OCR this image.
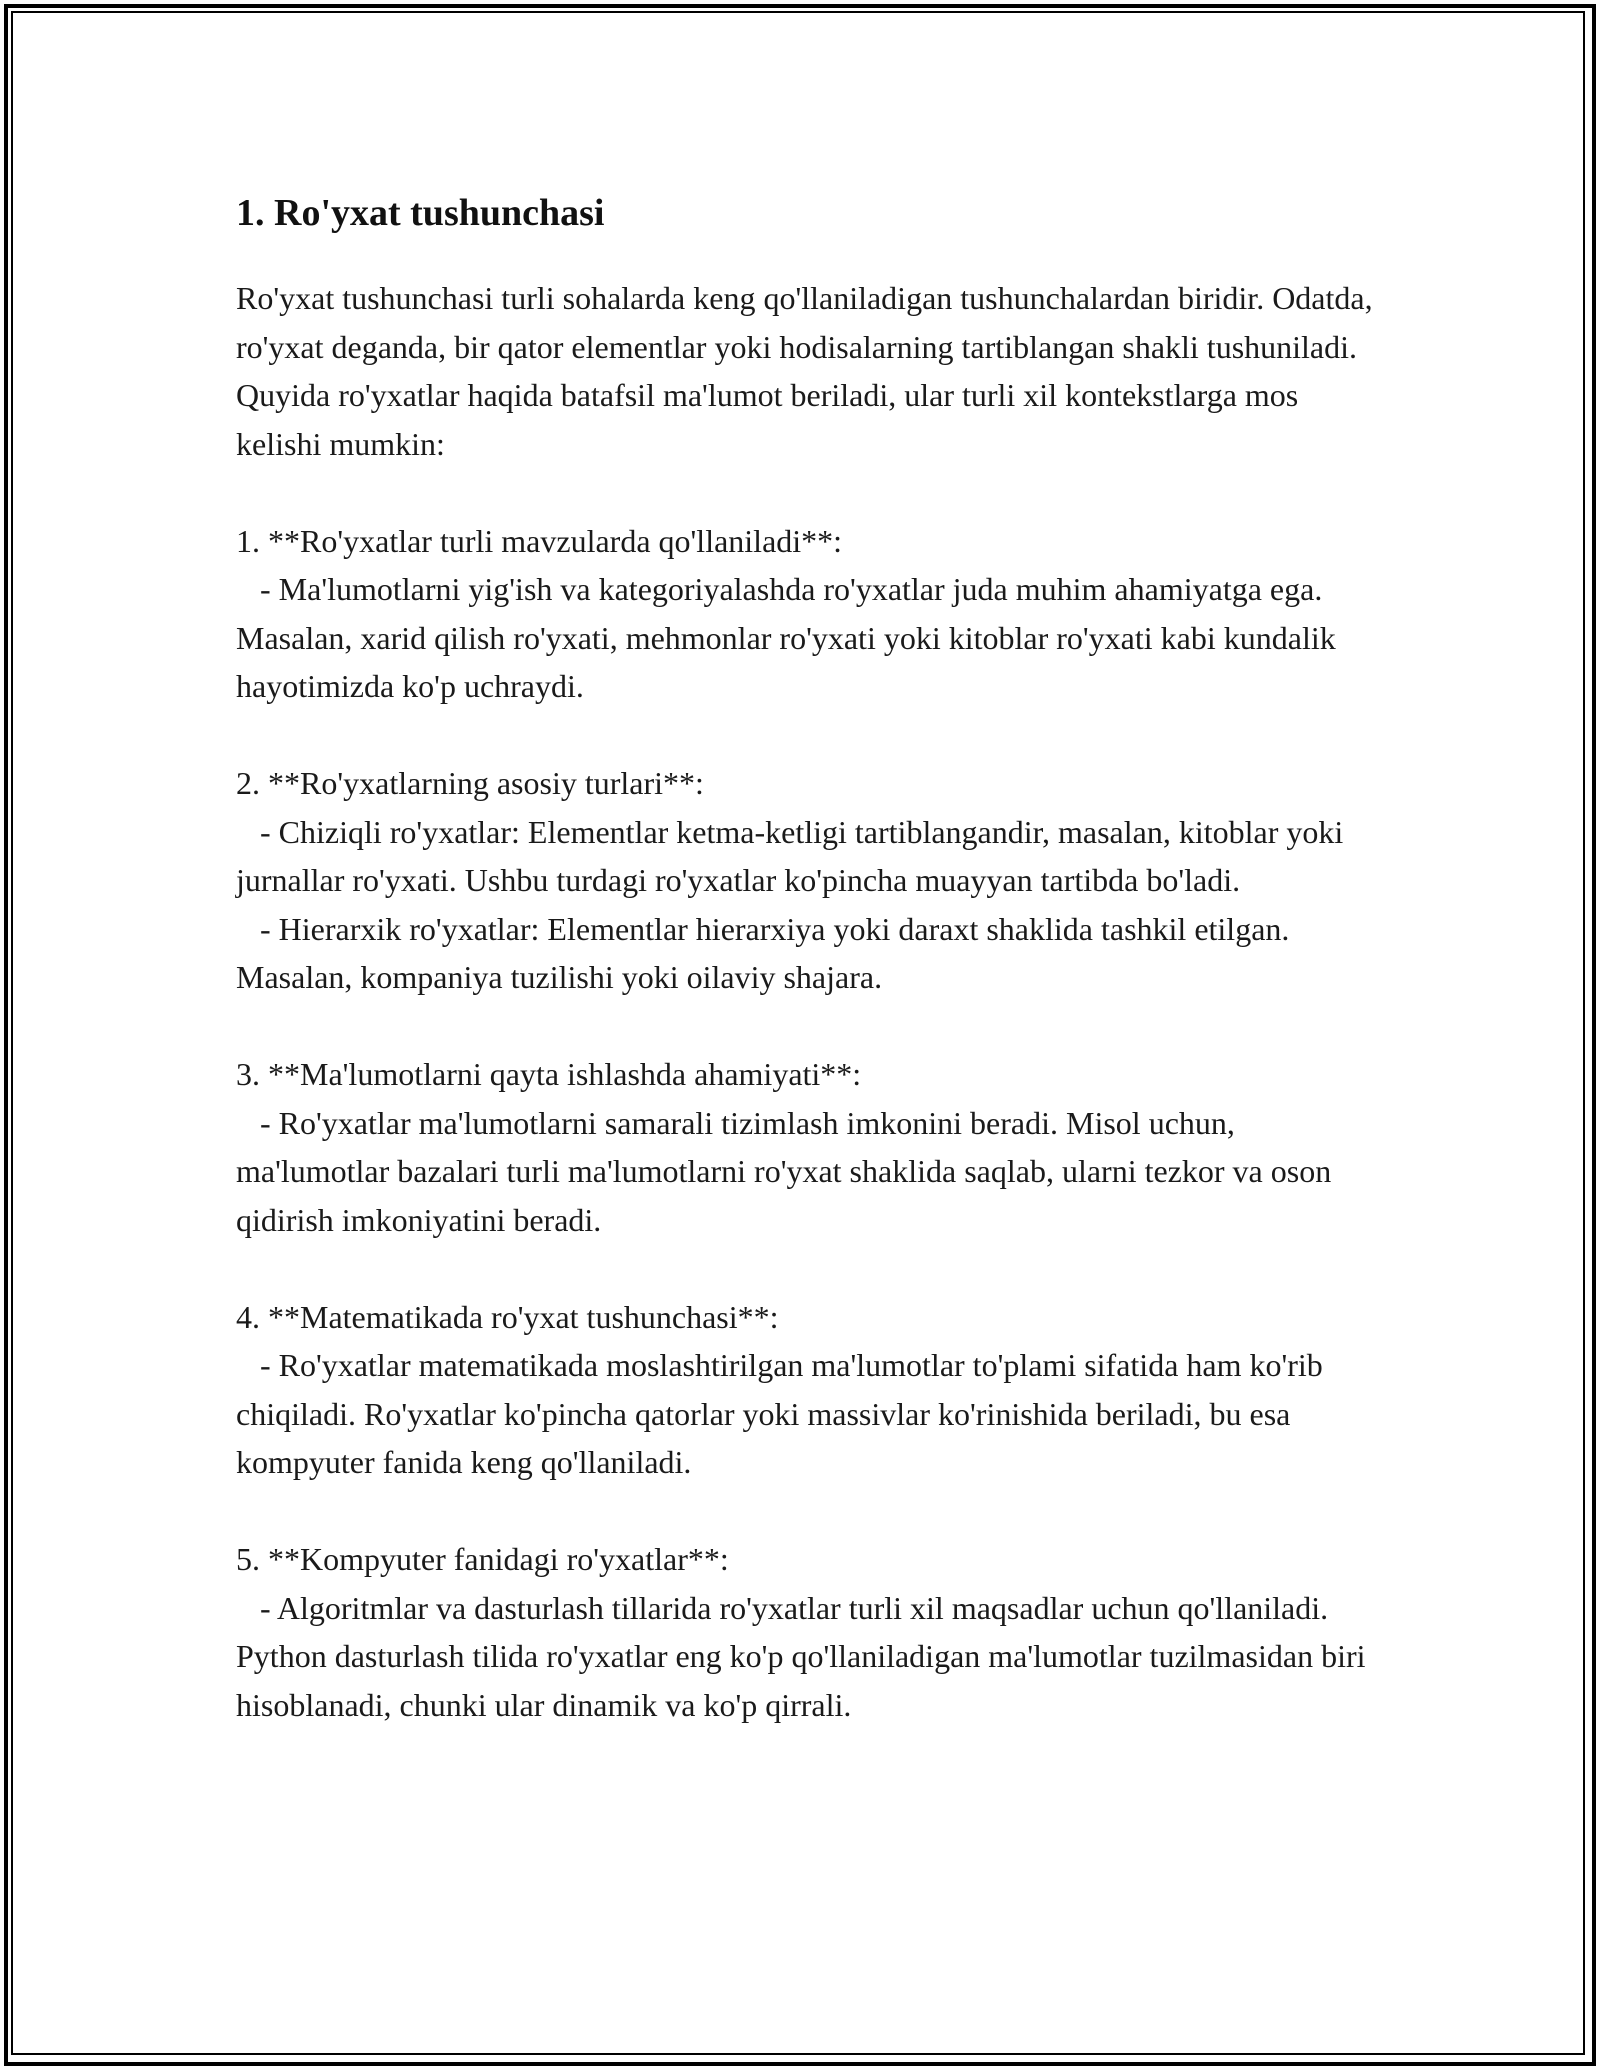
1. Ro'yxat tushunchasi

Ro'yxat tushunchasi turli sohalarda keng qo'llaniladigan tushunchalardan biridir. Odatda, ro'yxat deganda, bir qator elementlar yoki hodisalarning tartiblangan shakli tushuniladi. Quyida ro'yxatlar haqida batafsil ma'lumot beriladi, ular turli xil kontekstlarga mos kelishi mumkin:

1. **Ro'yxatlar turli mavzularda qo'llaniladi**:

- Ma'lumotlarni yig'ish va kategoriyalashda ro'yxatlar juda muhim ahamiyatga ega. Masalan, xarid qilish ro'yxati, mehmonlar ro'yxati yoki kitoblar ro'yxati kabi kundalik hayotimizda ko'p uchraydi.

2. **Ro'yxatlarning asosiy turlari**:

- Chiziqli ro'yxatlar: Elementlar ketma-ketligi tartiblangandir, masalan, kitoblar yoki jurnallar ro'yxati. Ushbu turdagi ro'yxatlar ko'pincha muayyan tartibda bo'ladi.

- Hierarxik ro'yxatlar: Elementlar hierarxiya yoki daraxt shaklida tashkil etilgan. Masalan, kompaniya tuzilishi yoki oilaviy shajara.

3. **Ma'lumotlarni qayta ishlashda ahamiyati**:

- Ro'yxatlar ma'lumotlarni samarali tizimlash imkonini beradi. Misol uchun, ma'lumotlar bazalari turli ma'lumotlarni ro'yxat shaklida saqlab, ularni tezkor va oson qidirish imkoniyatini beradi.

4. **Matematikada ro'yxat tushunchasi**:

- Ro'yxatlar matematikada moslashtirilgan ma'lumotlar to'plami sifatida ham ko'rib chiqiladi. Ro'yxatlar ko'pincha qatorlar yoki massivlar ko'rinishida beriladi, bu esa kompyuter fanida keng qo'llaniladi.

5. **Kompyuter fanidagi ro'yxatlar**:

- Algoritmlar va dasturlash tillarida ro'yxatlar turli xil maqsadlar uchun qo'llaniladi. Python dasturlash tilida ro'yxatlar eng ko'p qo'llaniladigan ma'lumotlar tuzilmasidan biri hisoblanadi, chunki ular dinamik va ko'p qirrali.
